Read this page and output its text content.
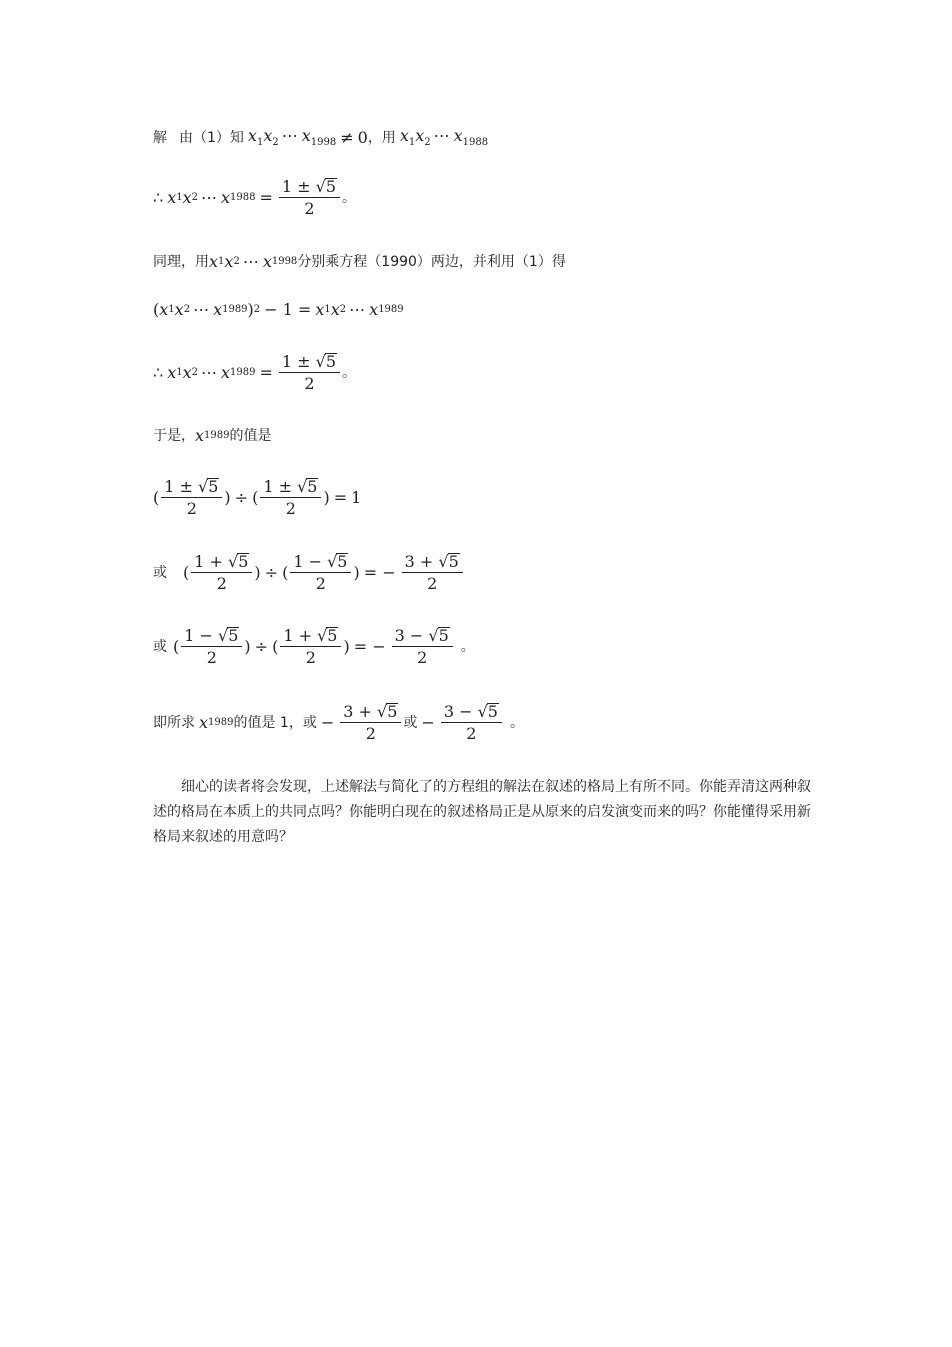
解 由（1）知 $x_1x_2$ ⋯ $x_{1998} \ne 0$ ，用 $x_1x_2$ ⋯ $x_{1988}$
∴ x 1 x 2 ⋯ x $1988 = \frac{1 \pm √ 5}{2}$ 。
同理，用 x 1 x 2 ⋯ x 1998 分别乘方程（1990）两边，并利用（1）得
( x 1 x 2 ⋯ x 1989 ) 2 − 1 = x 1 x 2 ⋯ x 1989
∴ x 1 x 2 ⋯ x $1989 = \frac{1 \pm √ 5}{2}$ 。
于是， x 1989 的值是
( $\frac{1 \pm √ 5}{2}$ ) ÷ ( $\frac{1 \pm √ 5}{2}$ ) = 1
或 ( $\frac{1 + √ 5}{2}$ ) ÷ ( $\frac{1 - √ 5}{2}$ ) = − $\frac{3 + √ 5}{2}$
或 ( $\frac{1 - √ 5}{2}$ ) ÷ ( $\frac{1 + √ 5}{2}$ ) = − $\frac{3 - √ 5}{2}$ 。
即所求 x 1989 的值是 1，或 − $\frac{3 + √ 5}{2}$ 或 − $\frac{3 - √ 5}{2}$ 。
细心的读者将会发现，上述解法与简化了的方程组的解法在叙述的格局上有所不同。你能弄清这两种叙述的格局在本质上的共同点吗？你能明白现在的叙述格局正是从原来的启发演变而来的吗？你能懂得采用新格局来叙述的用意吗？
